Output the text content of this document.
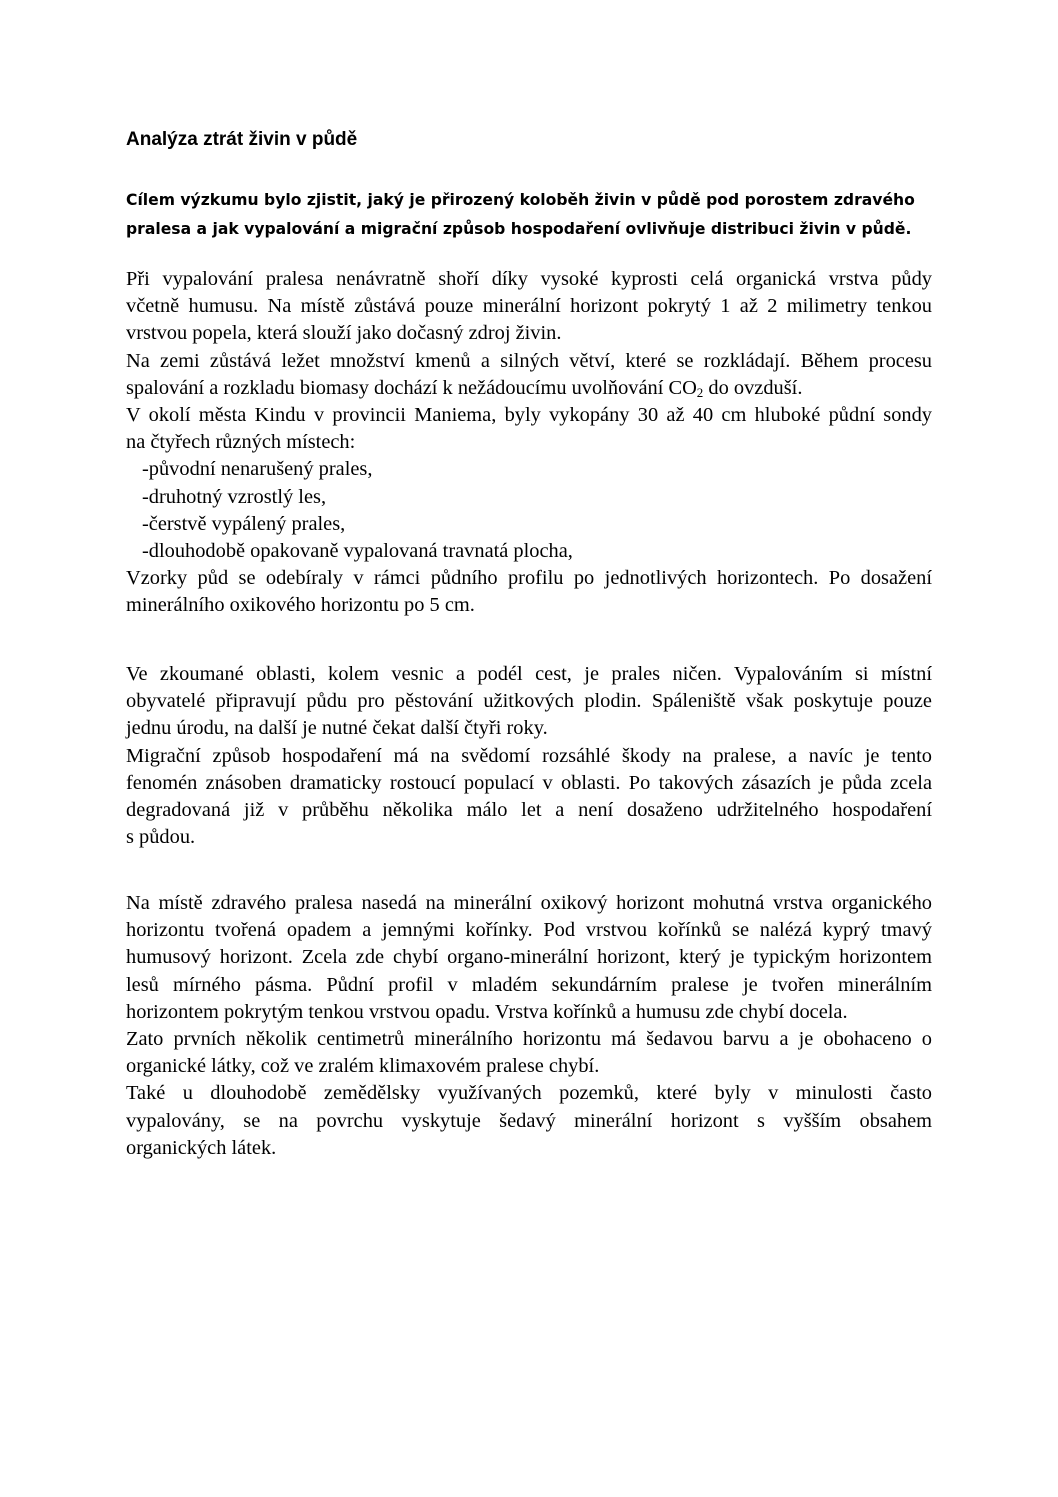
Analýza ztrát živin v půdě
Cílem výzkumu bylo zjistit, jaký je přirozený koloběh živin v půdě pod porostem zdravého
pralesa a jak vypalování a migrační způsob hospodaření ovlivňuje distribuci živin v půdě.
Při vypalování pralesa nenávratně shoří díky vysoké kyprosti celá organická vrstva půdy
včetně humusu. Na místě zůstává pouze minerální horizont pokrytý 1 až 2 milimetry tenkou
vrstvou popela, která slouží jako dočasný zdroj živin.
Na zemi zůstává ležet množství kmenů a silných větví, které se rozkládají. Během procesu
spalování a rozkladu biomasy dochází k nežádoucímu uvolňování $CO_2$ do ovzduší.
V okolí města Kindu v provincii Maniema, byly vykopány 30 až 40 cm hluboké půdní sondy
na čtyřech různých místech:
-původní nenarušený prales,
-druhotný vzrostlý les,
-čerstvě vypálený prales,
-dlouhodobě opakovaně vypalovaná travnatá plocha,
Vzorky půd se odebíraly v rámci půdního profilu po jednotlivých horizontech. Po dosažení
minerálního oxikového horizontu po 5 cm.
Ve zkoumané oblasti, kolem vesnic a podél cest, je prales ničen. Vypalováním si místní
obyvatelé připravují půdu pro pěstování užitkových plodin. Spáleniště však poskytuje pouze
jednu úrodu, na další je nutné čekat další čtyři roky.
Migrační způsob hospodaření má na svědomí rozsáhlé škody na pralese, a navíc je tento
fenomén znásoben dramaticky rostoucí populací v oblasti. Po takových zásazích je půda zcela
degradovaná již v průběhu několika málo let a není dosaženo udržitelného hospodaření
s půdou.
Na místě zdravého pralesa nasedá na minerální oxikový horizont mohutná vrstva organického
horizontu tvořená opadem a jemnými kořínky. Pod vrstvou kořínků se nalézá kyprý tmavý
humusový horizont. Zcela zde chybí organo-minerální horizont, který je typickým horizontem
lesů mírného pásma. Půdní profil v mladém sekundárním pralese je tvořen minerálním
horizontem pokrytým tenkou vrstvou opadu. Vrstva kořínků a humusu zde chybí docela.
Zato prvních několik centimetrů minerálního horizontu má šedavou barvu a je obohaceno o
organické látky, což ve zralém klimaxovém pralese chybí.
Také u dlouhodobě zemědělsky využívaných pozemků, které byly v minulosti často
vypalovány, se na povrchu vyskytuje šedavý minerální horizont s vyšším obsahem
organických látek.
